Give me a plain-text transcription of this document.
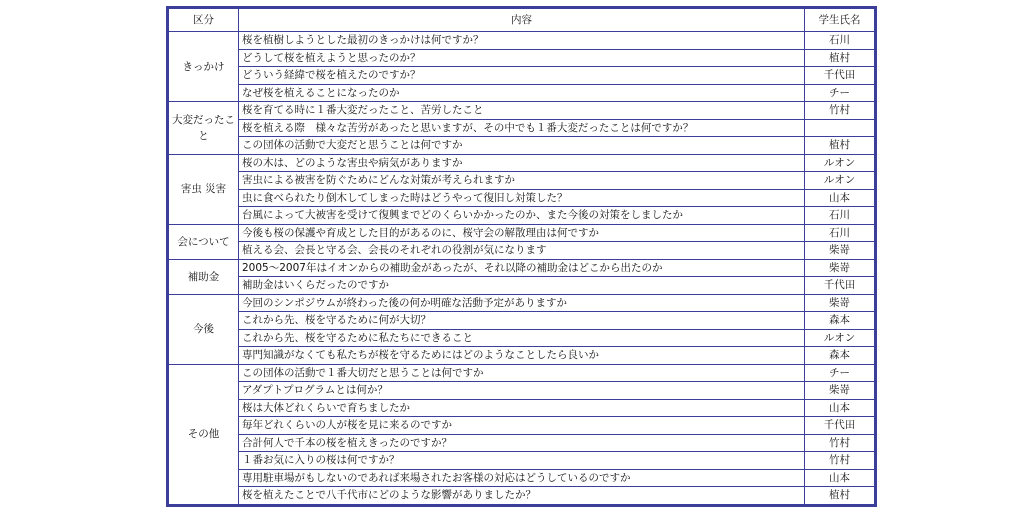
区分	内容	学生氏名
きっかけ	桜を植樹しようとした最初のきっかけは何ですか？	石川
	どうして桜を植えようと思ったのか？	植村
	どういう経緯で桜を植えたのですか？	千代田
	なぜ桜を植えることになったのか	チー
大変だったこと	桜を育てる時に１番大変だったこと、苦労したこと	竹村
	桜を植える際　様々な苦労があったと思いますが、その中でも１番大変だったことは何ですか？	
	この団体の活動で大変だと思うことは何ですか	植村
害虫 災害	桜の木は、どのような害虫や病気がありますか	ルオン
	害虫による被害を防ぐためにどんな対策が考えられますか	ルオン
	虫に食べられたり倒木してしまった時はどうやって復旧し対策した？	山本
	台風によって大被害を受けて復興までどのくらいかかったのか、また今後の対策をしましたか	石川
会について	今後も桜の保護や育成とした目的があるのに、桜守会の解散理由は何ですか	石川
	植える会、会長と守る会、会長のそれぞれの役割が気になります	柴嵜
補助金	2005～2007年はイオンからの補助金があったが、それ以降の補助金はどこから出たのか	柴嵜
	補助金はいくらだったのですか	千代田
今後	今回のシンポジウムが終わった後の何か明確な活動予定がありますか	柴嵜
	これから先、桜を守るために何が大切？	森本
	これから先、桜を守るために私たちにできること	ルオン
	専門知識がなくても私たちが桜を守るためにはどのようなことしたら良いか	森本
その他	この団体の活動で１番大切だと思うことは何ですか	チー
	アダプトプログラムとは何か？	柴嵜
	桜は大体どれくらいで育ちましたか	山本
	毎年どれくらいの人が桜を見に来るのですか	千代田
	合計何人で千本の桜を植えきったのですか？	竹村
	１番お気に入りの桜は何ですか？	竹村
	専用駐車場がもしないのであれば来場されたお客様の対応はどうしているのですか	山本
	桜を植えたことで八千代市にどのような影響がありましたか？	植村
